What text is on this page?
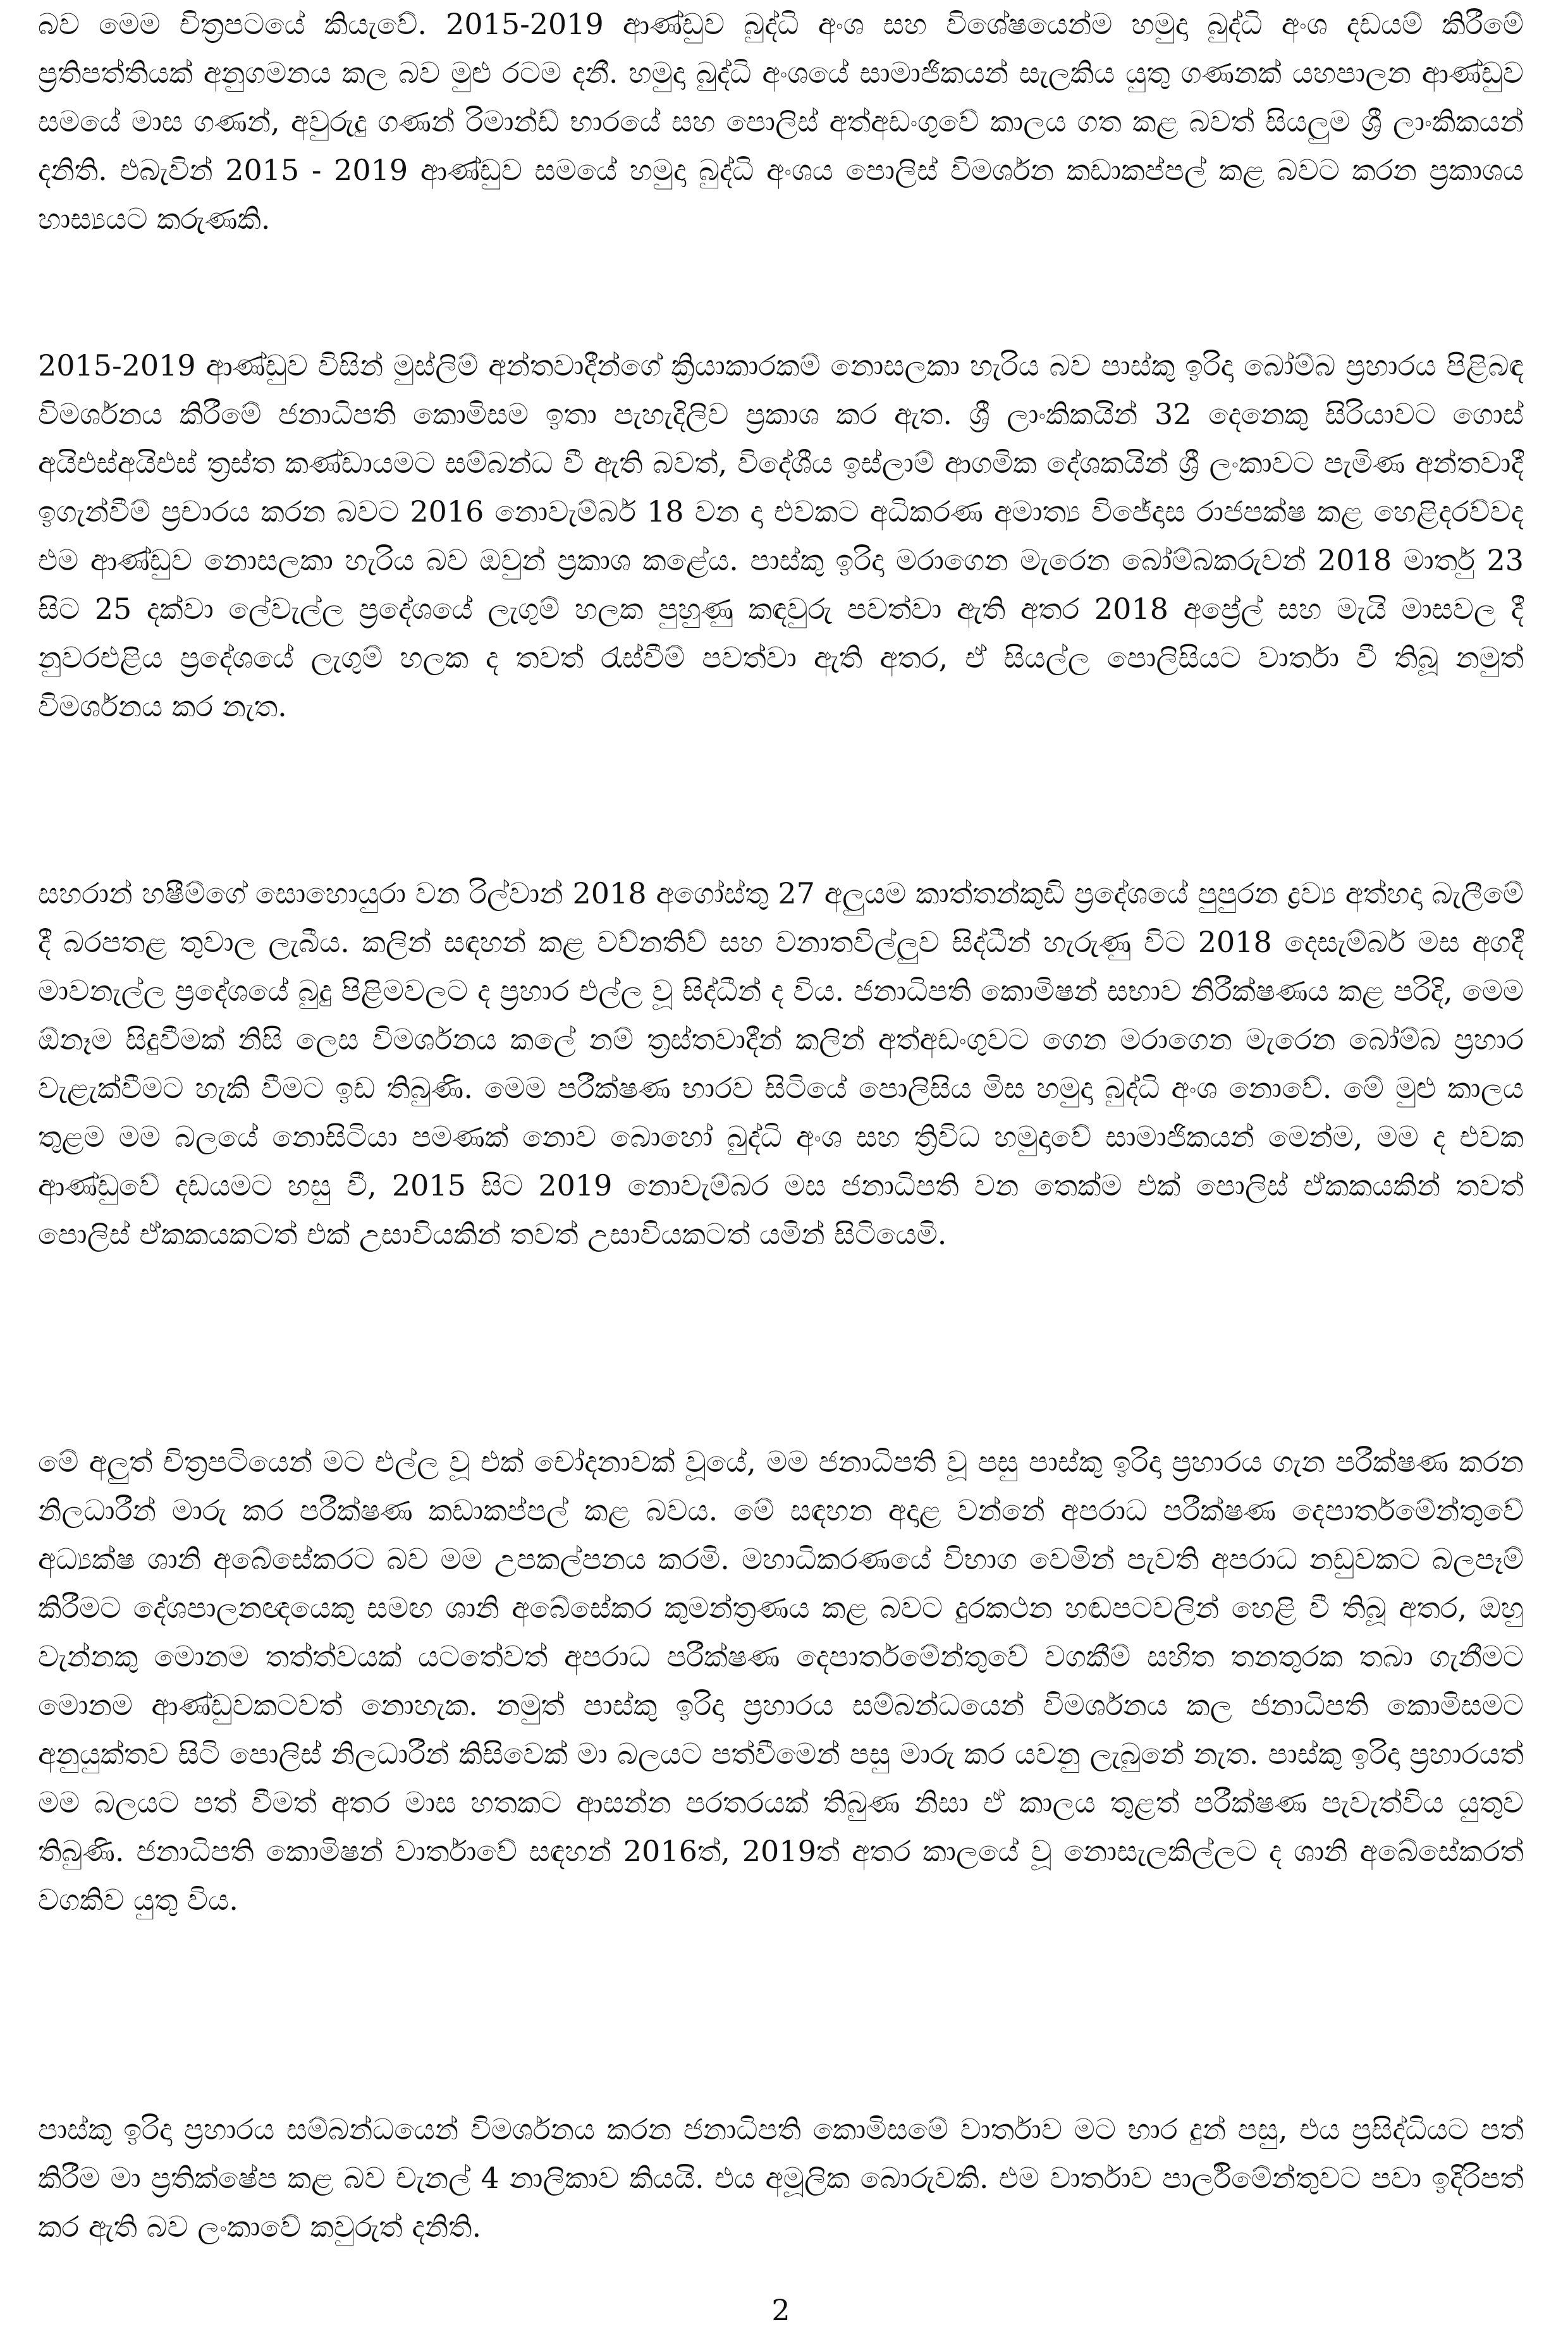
බව මෙම චිත්‍රපටයේ කියැවේ. 2015-2019 ආණ්ඩුව බුද්ධි අංශ සහ විශේෂයෙන්ම හමුදා බුද්ධි අංශ දඩයම් කිරීමේ ප්‍රතිපත්තියක් අනුගමනය කල බව මුළු රටම දනී. හමුදා බුද්ධි අංශයේ සාමාජිකයන් සැලකිය යුතු ගණනක් යහපාලන ආණ්ඩුව සමයේ මාස ගණන්, අවුරුදු ගණන් රිමාන්ඩ් භාරයේ සහ පොලිස් අත්අඩංගුවේ කාලය ගත කළ බවත් සියලුම ශ්‍රී ලාංකිකයන් දනිති. එබැවින් 2015 - 2019 ආණ්ඩුව සමයේ හමුදා බුද්ධි අංශය පොලිස් විමර්ශන කඩාකප්පල් කළ බවට කරන ප්‍රකාශය හාස්‍යයට කරුණකි.

2015-2019 ආණ්ඩුව විසින් මුස්ලිම් අන්තවාදීන්ගේ ක්‍රියාකාරකම් නොසලකා හැරිය බව පාස්කු ඉරිදා බෝම්බ ප්‍රහාරය පිළිබඳ විමර්ශනය කිරීමේ ජනාධිපති කොමිසම ඉතා පැහැදිලිව ප්‍රකාශ කර ඇත. ශ්‍රී ලාංකිකයින් 32 දෙනෙකු සිරියාවට ගොස් අයිඑස්අයිඑස් ත්‍රස්ත කණ්ඩායමට සම්බන්ධ වී ඇති බවත්, විදේශීය ඉස්ලාම් ආගමික දේශකයින් ශ්‍රී ලංකාවට පැමිණ අන්තවාදී ඉගැන්වීම් ප්‍රචාරය කරන බවට 2016 නොවැම්බර් 18 වන දා එවකට අධිකරණ අමාත්‍ය විජේදාස රාජපක්ෂ කළ හෙළිදරව්වද එම ආණ්ඩුව නොසලකා හැරිය බව ඔවුන් ප්‍රකාශ කළේය. පාස්කු ඉරිදා මරාගෙන මැරෙන බෝම්බකරුවන් 2018 මාර්තු 23 සිට 25 දක්වා ලේවැල්ල ප්‍රදේශයේ ලැගුම් හලක පුහුණු කඳවුරු පවත්වා ඇති අතර 2018 අප්‍රේල් සහ මැයි මාසවල දී නුවරඑළිය ප්‍රදේශයේ ලැගුම් හලක ද තවත් රැස්වීම් පවත්වා ඇති අතර, ඒ සියල්ල පොලිසියට වාර්තා වී තිබූ නමුත් විමර්ශනය කර නැත.

සහරාන් හෂීම්ගේ සොහොයුරා වන රිල්වාන් 2018 අගෝස්තු 27 අලුයම කාත්තන්කුඩි ප්‍රදේශයේ පුපුරන ද්‍රව්‍ය අත්හදා බැලීමේ දී බරපතළ තුවාල ලැබීය. කලින් සඳහන් කළ වව්නතිව් සහ වනාතවිල්ලුව සිද්ධීන් හැරුණු විට 2018 දෙසැම්බර් මස අගදී මාවනැල්ල ප්‍රදේශයේ බුදු පිළිමවලට ද ප්‍රහාර එල්ල වූ සිද්ධීන් ද විය. ජනාධිපති කොමිෂන් සභාව නිරීක්ෂණය කළ පරිදි, මෙම ඕනෑම සිදුවීමක් නිසි ලෙස විමර්ශනය කලේ නම් ත්‍රස්තවාදීන් කලින් අත්අඩංගුවට ගෙන මරාගෙන මැරෙන බෝම්බ ප්‍රහාර වැළැක්වීමට හැකි වීමට ඉඩ තිබුණි. මෙම පරීක්ෂණ භාරව සිටියේ පොලිසිය මිස හමුදා බුද්ධි අංශ නොවේ. මේ මුළු කාලය තුළම මම බලයේ නොසිටියා පමණක් නොව බොහෝ බුද්ධි අංශ සහ ත්‍රිවිධ හමුදාවේ සාමාජිකයන් මෙන්ම, මම ද එවක ආණ්ඩුවේ දඩයමට හසු වී, 2015 සිට 2019 නොවැම්බර මස ජනාධිපති වන තෙක්ම එක් පොලිස් ඒකකයකින් තවත් පොලිස් ඒකකයකටත් එක් උසාවියකින් තවත් උසාවියකටත් යමින් සිටියෙමි.

මේ අලුත් චිත්‍රපටියෙන් මට එල්ල වූ එක් චෝදනාවක් වූයේ, මම ජනාධිපති වූ පසු පාස්කු ඉරිදා ප්‍රහාරය ගැන පරීක්ෂණ කරන නිලධාරීන් මාරු කර පරීක්ෂණ කඩාකප්පල් කළ බවය. මේ සඳහන අදාළ වන්නේ අපරාධ පරීක්ෂණ දෙපාර්තමේන්තුවේ අධ්‍යක්ෂ ශානි අබේසේකරට බව මම උපකල්පනය කරමි. මහාධිකරණයේ විභාග වෙමින් පැවති අපරාධ නඩුවකට බලපෑම් කිරීමට දේශපාලනඥයෙකු සමඟ ශානි අබේසේකර කුමන්ත්‍රණය කළ බවට දුරකථන හඬපටවලින් හෙළි වී තිබූ අතර, ඔහු වැන්නකු මොනම තත්ත්වයක් යටතේවත් අපරාධ පරීක්ෂණ දෙපාර්තමේන්තුවේ වගකීම් සහිත තනතුරක තබා ගැනීමට මොනම ආණ්ඩුවකටවත් නොහැක. නමුත් පාස්කු ඉරිදා ප්‍රහාරය සම්බන්ධයෙන් විමර්ශනය කල ජනාධිපති කොමිසමට අනුයුක්තව සිටි පොලිස් නිලධාරීන් කිසිවෙක් මා බලයට පත්වීමෙන් පසු මාරු කර යවනු ලැබුනේ නැත. පාස්කු ඉරිදා ප්‍රහාරයත් මම බලයට පත් වීමත් අතර මාස හතකට ආසන්න පරතරයක් තිබුණ නිසා ඒ කාලය තුළත් පරීක්ෂණ පැවැත්විය යුතුව තිබුණි. ජනාධිපති කොමිෂන් වාර්තාවේ සඳහන් 2016ත්, 2019ත් අතර කාලයේ වූ නොසැලකිල්ලට ද ශානි අබේසේකරත් වගකිව යුතු විය.

පාස්කු ඉරිදා ප්‍රහාරය සම්බන්ධයෙන් විමර්ශනය කරන ජනාධිපති කොමිසමේ වාර්තාව මට භාර දුන් පසු, එය ප්‍රසිද්ධියට පත් කිරීම මා ප්‍රතික්ෂේප කළ බව චැනල් 4 නාලිකාව කියයි. එය අමූලික බොරුවකි. එම වාර්තාව පාර්ලිමේන්තුවට පවා ඉදිරිපත් කර ඇති බව ලංකාවේ කවුරුත් දනිති.

2
